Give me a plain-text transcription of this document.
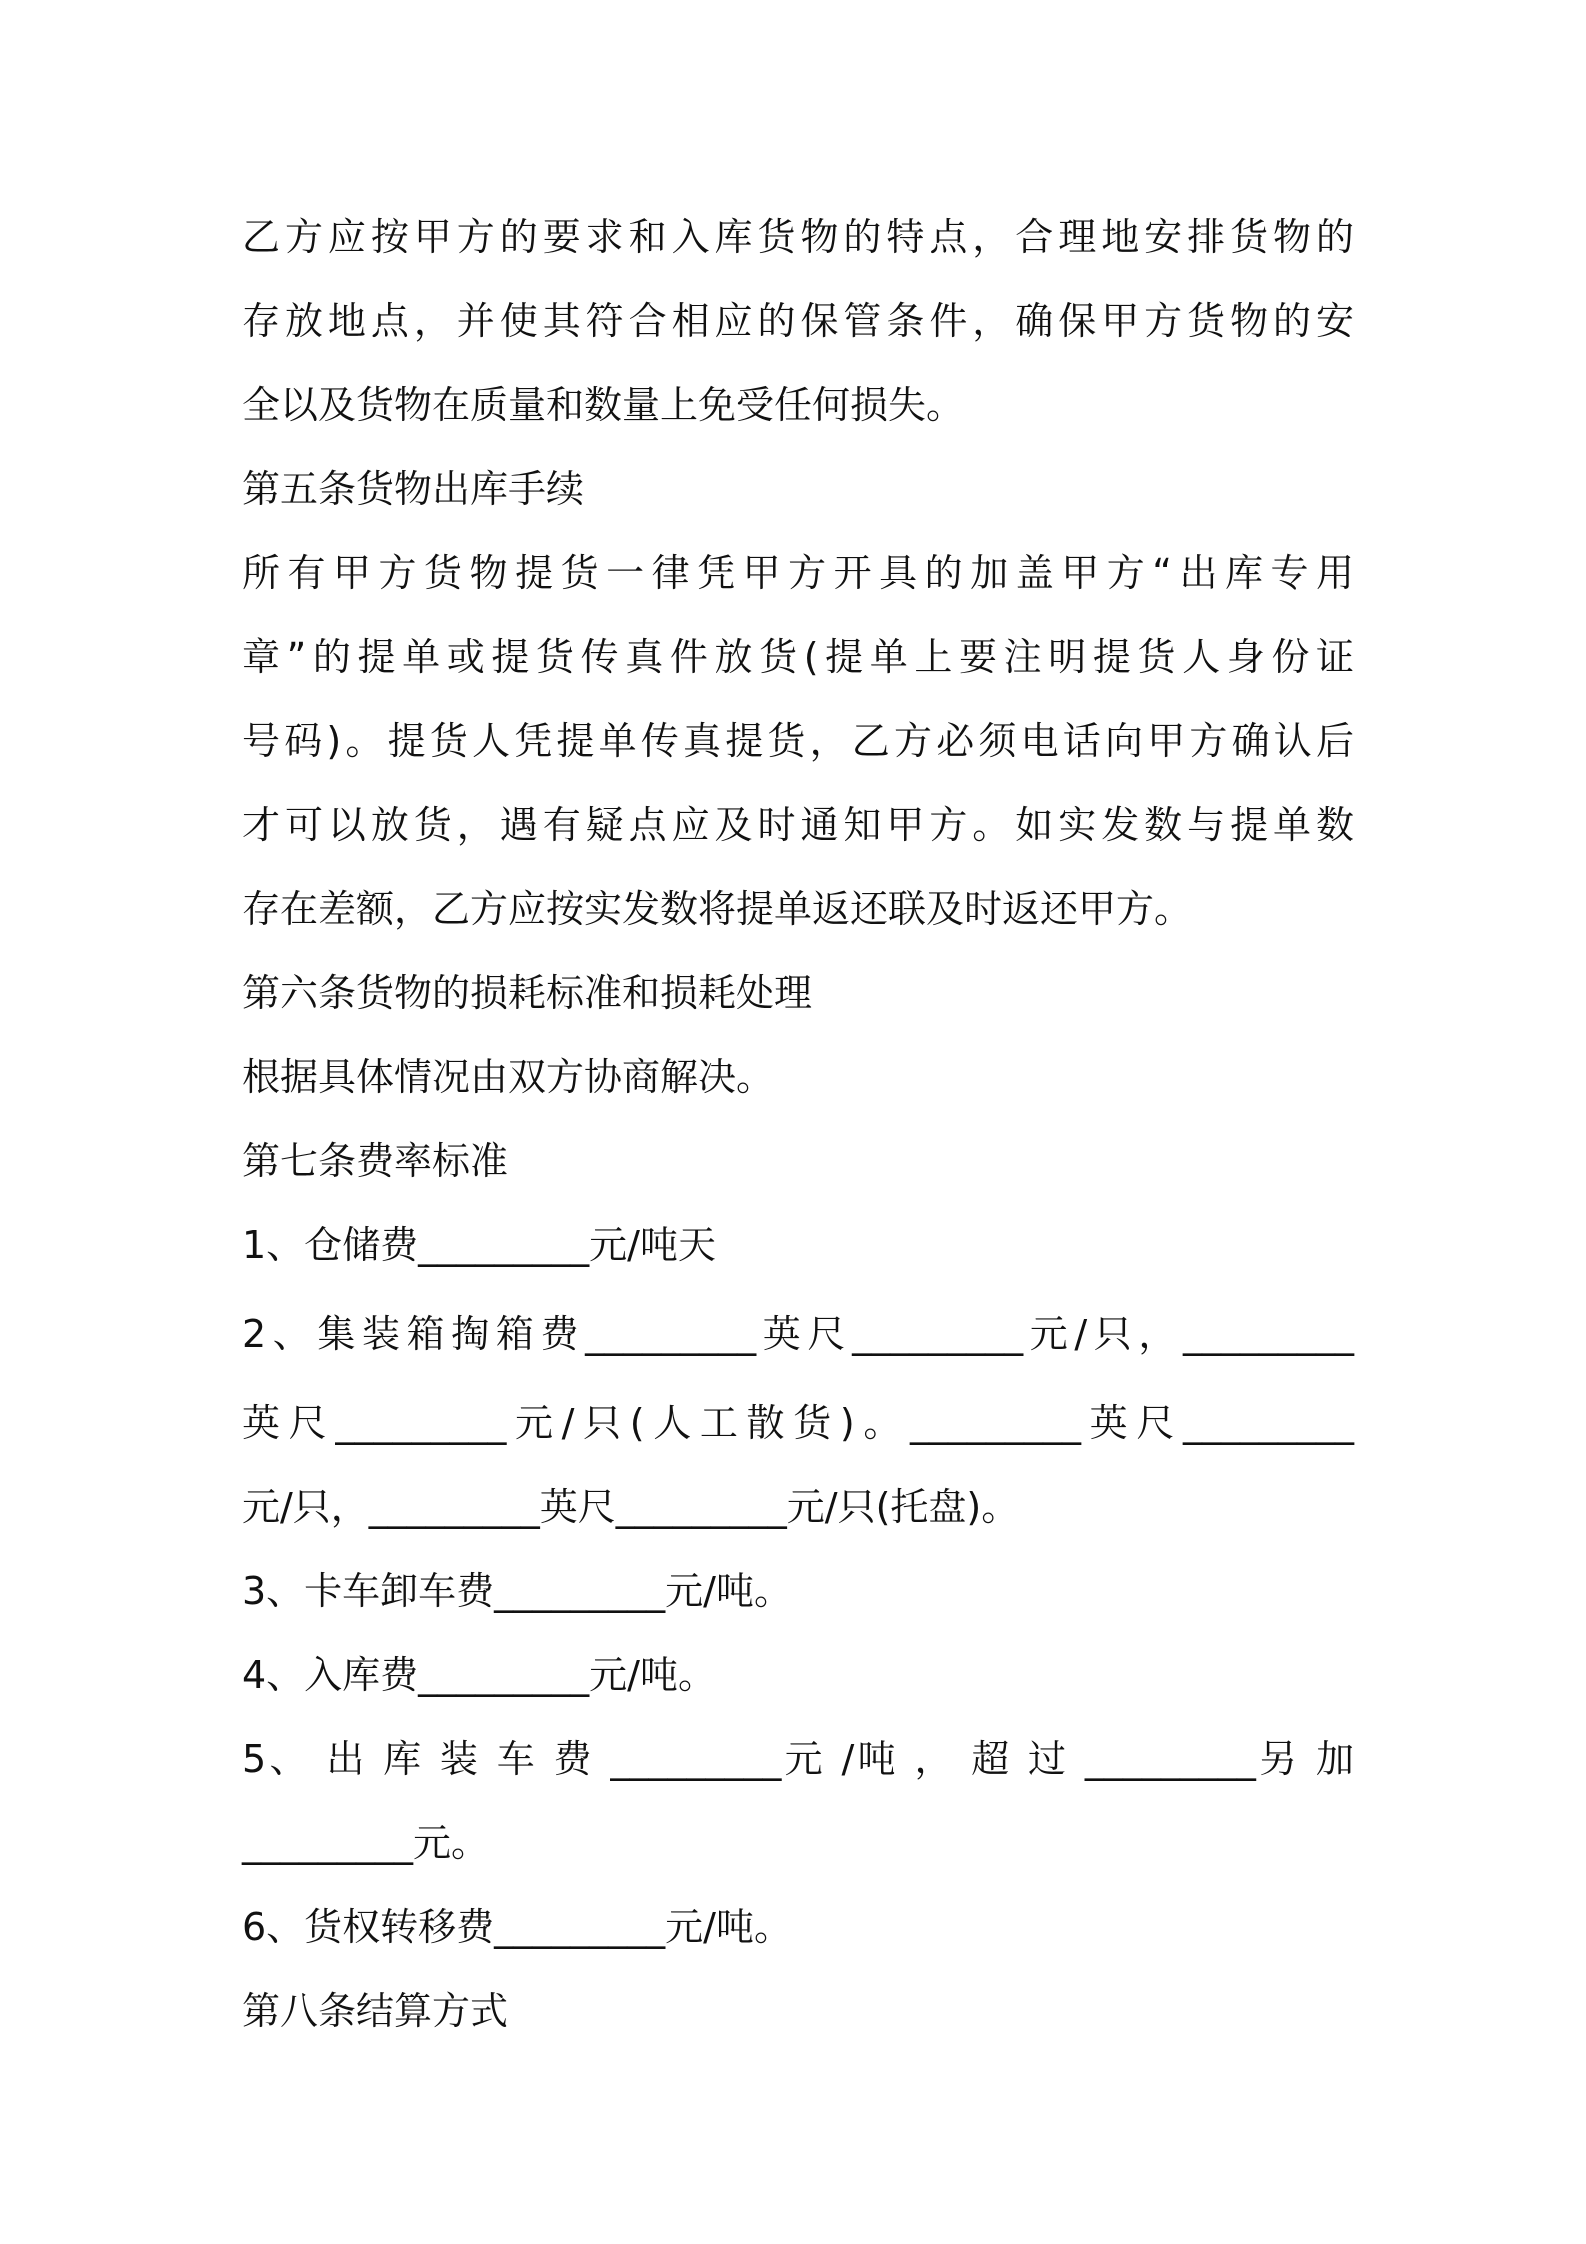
乙方应按甲方的要求和入库货物的特点，合理地安排货物的

存放地点，并使其符合相应的保管条件，确保甲方货物的安

全以及货物在质量和数量上免受任何损失。

第五条货物出库手续

所有甲方货物提货一律凭甲方开具的加盖甲方“出库专用

章”的提单或提货传真件放货(提单上要注明提货人身份证

号码)。提货人凭提单传真提货，乙方必须电话向甲方确认后

才可以放货，遇有疑点应及时通知甲方。如实发数与提单数

存在差额，乙方应按实发数将提单返还联及时返还甲方。

第六条货物的损耗标准和损耗处理

根据具体情况由双方协商解决。

第七条费率标准

1、仓储费_________元/吨天

2、集装箱掏箱费_________英尺_________元/只，_________

英尺_________元/只(人工散货)。_________英尺_________

元/只，_________英尺_________元/只(托盘)。

3、卡车卸车费_________元/吨。

4、入库费_________元/吨。

5、 出 库 装 车 费 _________元 /吨 ， 超 过 _________另 加

_________元。

6、货权转移费_________元/吨。

第八条结算方式
